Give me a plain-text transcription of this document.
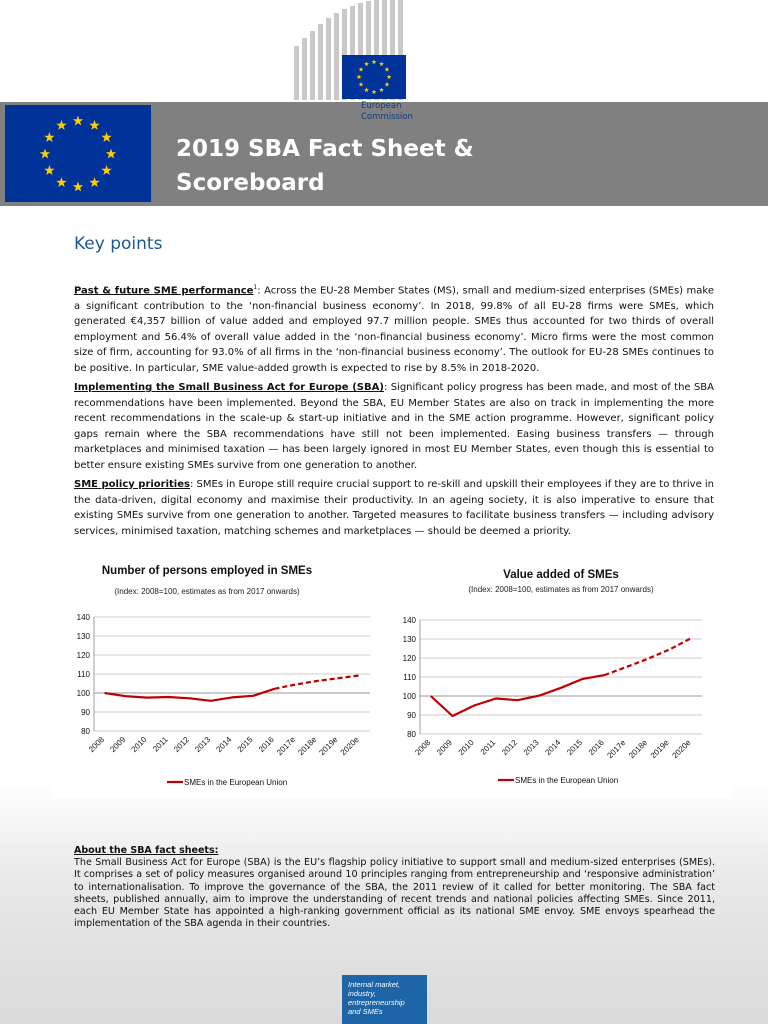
European
Commission
2019 SBA Fact Sheet &
Scoreboard
Key points

Past & future SME performance$^1$: Across the EU-28 Member States (MS), small and medium-sized enterprises (SMEs) make a significant contribution to the ‘non-financial business economy’. In 2018, 99.8% of all EU-28 firms were SMEs, which generated €4,357 billion of value added and employed 97.7 million people. SMEs thus accounted for two thirds of overall employment and 56.4% of overall value added in the ‘non-financial business economy’. Micro firms were the most common size of firm, accounting for 93.0% of all firms in the ‘non-financial business economy’. The outlook for EU-28 SMEs continues to be positive. In particular, SME value-added growth is expected to rise by 8.5% in 2018-2020.

Implementing the Small Business Act for Europe (SBA): Significant policy progress has been made, and most of the SBA recommendations have been implemented. Beyond the SBA, EU Member States are also on track in implementing the more recent recommendations in the scale-up & start-up initiative and in the SME action programme. However, significant policy gaps remain where the SBA recommendations have still not been implemented. Easing business transfers — through marketplaces and minimised taxation — has been largely ignored in most EU Member States, even though this is essential to better ensure existing SMEs survive from one generation to another.

SME policy priorities: SMEs in Europe still require crucial support to re-skill and upskill their employees if they are to thrive in the data-driven, digital economy and maximise their productivity. In an ageing society, it is also imperative to ensure that existing SMEs survive from one generation to another. Targeted measures to facilitate business transfers — including advisory services, minimised taxation, matching schemes and marketplaces — should be deemed a priority.

Number of persons employed in SMEs
(Index: 2008=100, estimates as from 2017 onwards)
80
90
100
110
120
130
140
2008 2009 2010 2011 2012 2013 2014 2015 2016 2017e 2018e 2019e 2020e
SMEs in the European Union
Value added of SMEs
(Index: 2008=100, estimates as from 2017 onwards)
80
90
100
110
120
130
140
2008 2009 2010 2011 2012 2013 2014 2015 2016 2017e 2018e 2019e 2020e
SMEs in the European Union

About the SBA fact sheets:

The Small Business Act for Europe (SBA) is the EU’s flagship policy initiative to support small and medium-sized enterprises (SMEs). It comprises a set of policy measures organised around 10 principles ranging from entrepreneurship and ‘responsive administration’ to internationalisation. To improve the governance of the SBA, the 2011 review of it called for better monitoring. The SBA fact sheets, published annually, aim to improve the understanding of recent trends and national policies affecting SMEs. Since 2011, each EU Member State has appointed a high-ranking government official as its national SME envoy. SME envoys spearhead the implementation of the SBA agenda in their countries.

Internal market,
industry,
entrepreneurship
and SMEs
